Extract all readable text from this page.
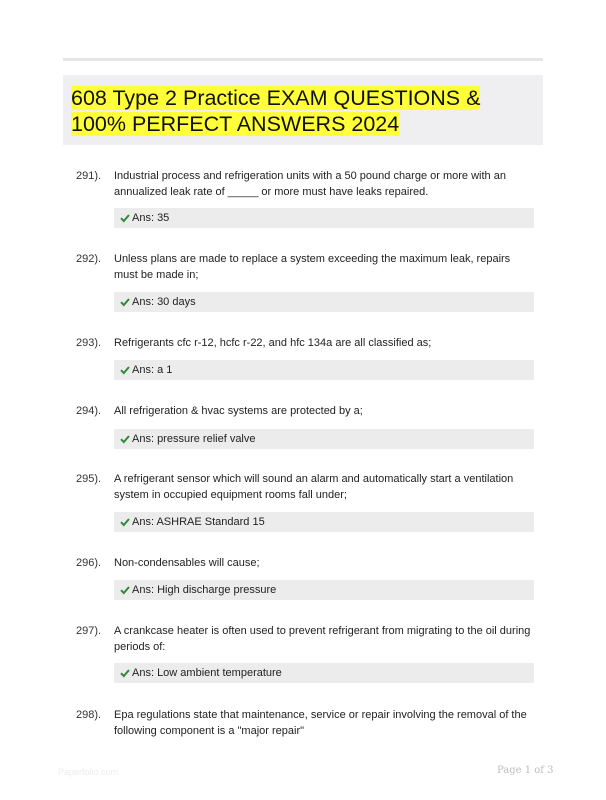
608 Type 2 Practice EXAM QUESTIONS & 100% PERFECT ANSWERS 2024
291). Industrial process and refrigeration units with a 50 pound charge or more with an annualized leak rate of _____ or more must have leaks repaired.
Ans: 35
292). Unless plans are made to replace a system exceeding the maximum leak, repairs must be made in;
Ans: 30 days
293). Refrigerants cfc r-12, hcfc r-22, and hfc 134a are all classified as;
Ans: a 1
294). All refrigeration & hvac systems are protected by a;
Ans: pressure relief valve
295). A refrigerant sensor which will sound an alarm and automatically start a ventilation system in occupied equipment rooms fall under;
Ans: ASHRAE Standard 15
296). Non-condensables will cause;
Ans: High discharge pressure
297). A crankcase heater is often used to prevent refrigerant from migrating to the oil during periods of:
Ans: Low ambient temperature
298). Epa regulations state that maintenance, service or repair involving the removal of the following component is a "major repair"
Paperfolio.com	Page 1 of 3
